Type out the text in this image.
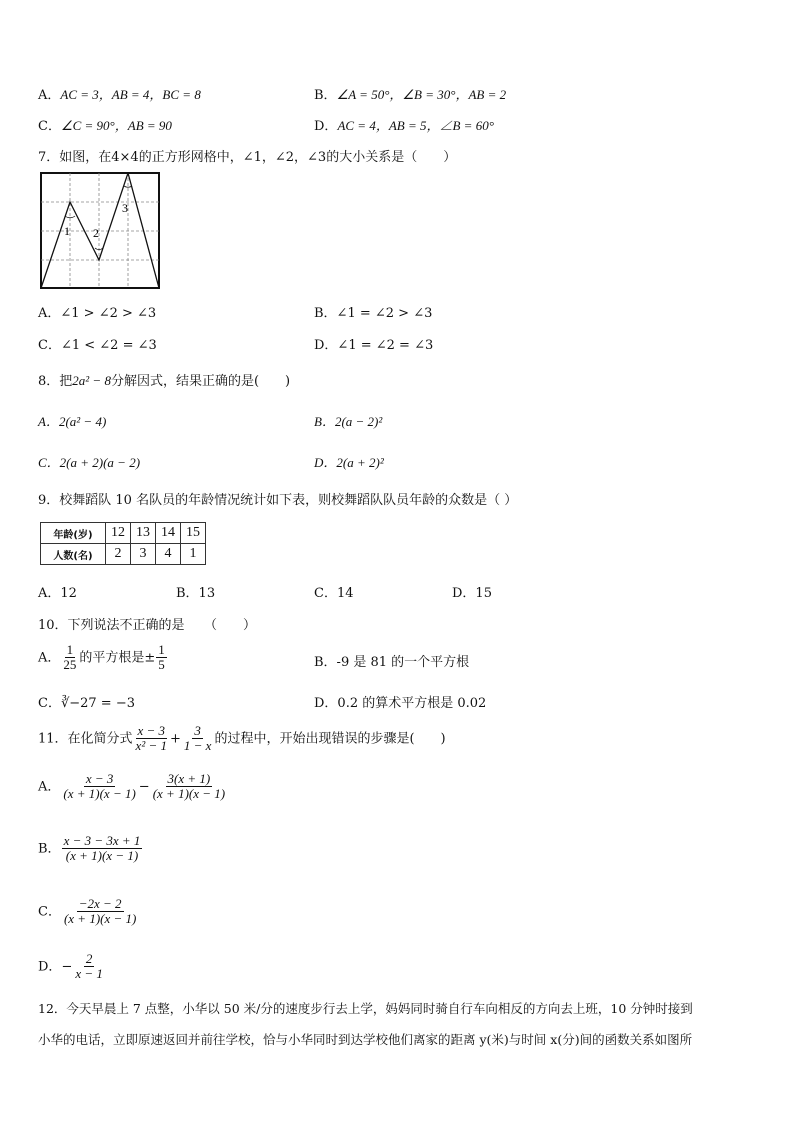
A．AC = 3，AB = 4，BC = 8	B．∠A = 50°，∠B = 30°，AB = 2
C．∠C = 90°，AB = 90	D．AC = 4，AB = 5，∠B = 60°
7．如图，在4×4的正方形网格中，∠1，∠2，∠3的大小关系是（　　）
1 2
3
A．∠1 > ∠2 > ∠3	B．∠1 = ∠2 > ∠3
C．∠1 < ∠2 = ∠3	D．∠1 = ∠2 = ∠3
8．把2a² − 8分解因式，结果正确的是(　　)
A．2(a² − 4)	B．2(a − 2)²
C．2(a + 2)(a − 2)	D．2(a + 2)²
9．校舞蹈队 10 名队员的年龄情况统计如下表，则校舞蹈队队员年龄的众数是（ ）
年龄(岁)	12	13	14	15
人数(名)	2	3	4	1
A．12	B．13	C．14	D．15
10．下列说法不正确的是　　（　　）
A． $\frac{1}{25}$ 的平方根是± $\frac{1}{5}$	B．-9 是 81 的一个平方根
C．∛−27 = −3	D．0.2 的算术平方根是 0.02
11．在化简分式 $\frac{x - 3}{\text{x² − 1}} + \frac{3}{1 - x}$ 的过程中，开始出现错误的步骤是(　　)
A． $\frac{x - 3}{(x + 1)(x - 1)} - \frac{3(x + 1)}{(x + 1)(x - 1)}$
B． $\frac{x - 3 - 3x + 1}{(x + 1)(x - 1)}$
C． $\frac{-2x - 2}{(x + 1)(x - 1)}$
D．− $\frac{2}{x - 1}$
12．今天早晨上 7 点整，小华以 50 米/分的速度步行去上学，妈妈同时骑自行车向相反的方向去上班，10 分钟时接到
小华的电话，立即原速返回并前往学校，恰与小华同时到达学校他们离家的距离 y(米)与时间 x(分)间的函数关系如图所
